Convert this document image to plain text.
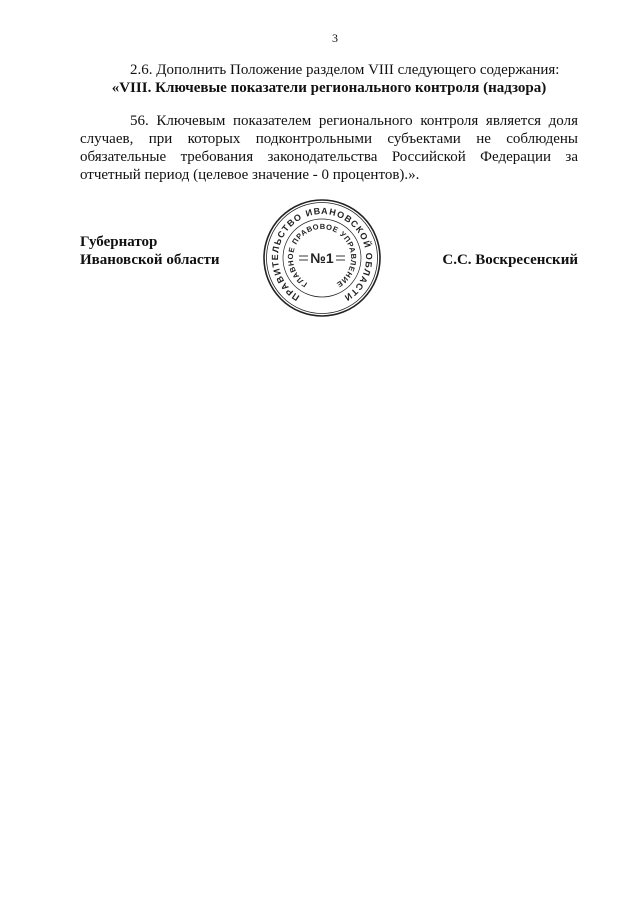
3

2.6. Дополнить Положение разделом VIII следующего содержания:

«VIII. Ключевые показатели регионального контроля (надзора)

56. Ключевым показателем регионального контроля является доля
случаев, при которых подконтрольными субъектами не соблюдены
обязательные требования законодательства Российской Федерации за
отчетный период (целевое значение - 0 процентов).».

Губернатор

Ивановской области	С.С. Воскресенский

ПРАВИТЕЛЬСТВО ИВАНОВСКОЙ ОБЛАСТИ
ГЛАВНОЕ ПРАВОВОЕ УПРАВЛЕНИЕ
№1
